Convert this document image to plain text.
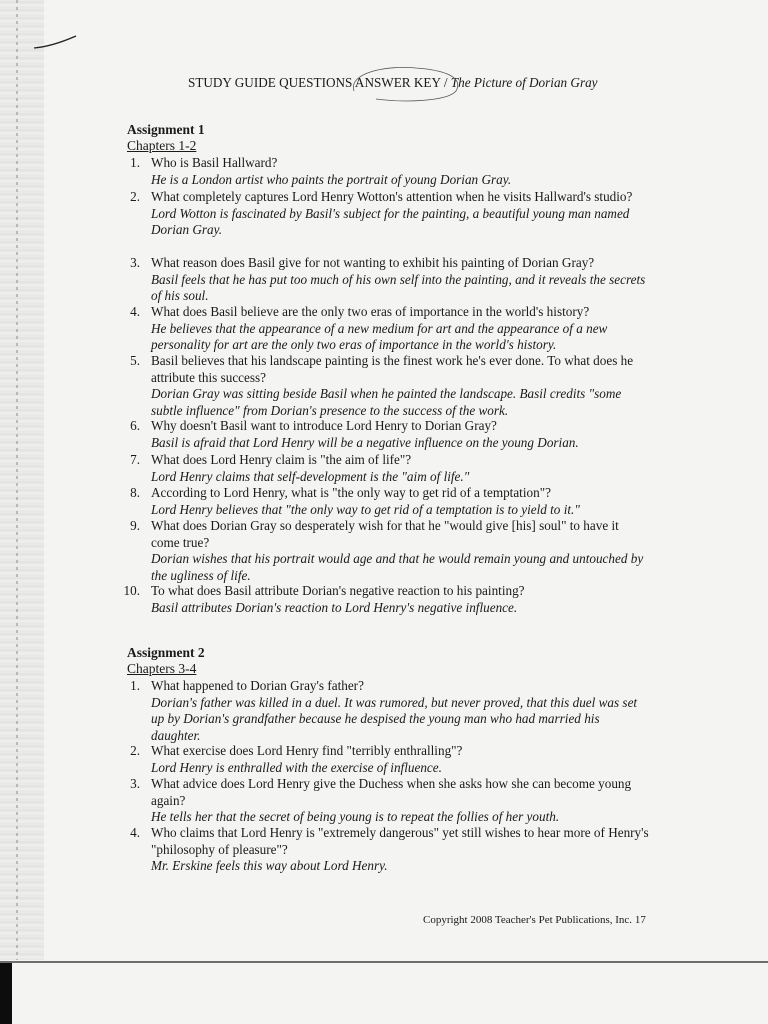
STUDY GUIDE QUESTIONS ANSWER KEY / The Picture of Dorian Gray
Assignment 1
Chapters 1-2
1. Who is Basil Hallward?
He is a London artist who paints the portrait of young Dorian Gray.
2. What completely captures Lord Henry Wotton's attention when he visits Hallward's studio?
Lord Wotton is fascinated by Basil's subject for the painting, a beautiful young man named Dorian Gray.
3. What reason does Basil give for not wanting to exhibit his painting of Dorian Gray?
Basil feels that he has put too much of his own self into the painting, and it reveals the secrets of his soul.
4. What does Basil believe are the only two eras of importance in the world's history?
He believes that the appearance of a new medium for art and the appearance of a new personality for art are the only two eras of importance in the world's history.
5. Basil believes that his landscape painting is the finest work he's ever done. To what does he attribute this success?
Dorian Gray was sitting beside Basil when he painted the landscape. Basil credits "some subtle influence" from Dorian's presence to the success of the work.
6. Why doesn't Basil want to introduce Lord Henry to Dorian Gray?
Basil is afraid that Lord Henry will be a negative influence on the young Dorian.
7. What does Lord Henry claim is "the aim of life"?
Lord Henry claims that self-development is the "aim of life."
8. According to Lord Henry, what is "the only way to get rid of a temptation"?
Lord Henry believes that "the only way to get rid of a temptation is to yield to it."
9. What does Dorian Gray so desperately wish for that he "would give [his] soul" to have it come true?
Dorian wishes that his portrait would age and that he would remain young and untouched by the ugliness of life.
10. To what does Basil attribute Dorian's negative reaction to his painting?
Basil attributes Dorian's reaction to Lord Henry's negative influence.
Assignment 2
Chapters 3-4
1. What happened to Dorian Gray's father?
Dorian's father was killed in a duel. It was rumored, but never proved, that this duel was set up by Dorian's grandfather because he despised the young man who had married his daughter.
2. What exercise does Lord Henry find "terribly enthralling"?
Lord Henry is enthralled with the exercise of influence.
3. What advice does Lord Henry give the Duchess when she asks how she can become young again?
He tells her that the secret of being young is to repeat the follies of her youth.
4. Who claims that Lord Henry is "extremely dangerous" yet still wishes to hear more of Henry's "philosophy of pleasure"?
Mr. Erskine feels this way about Lord Henry.
Copyright 2008 Teacher's Pet Publications, Inc. 17
